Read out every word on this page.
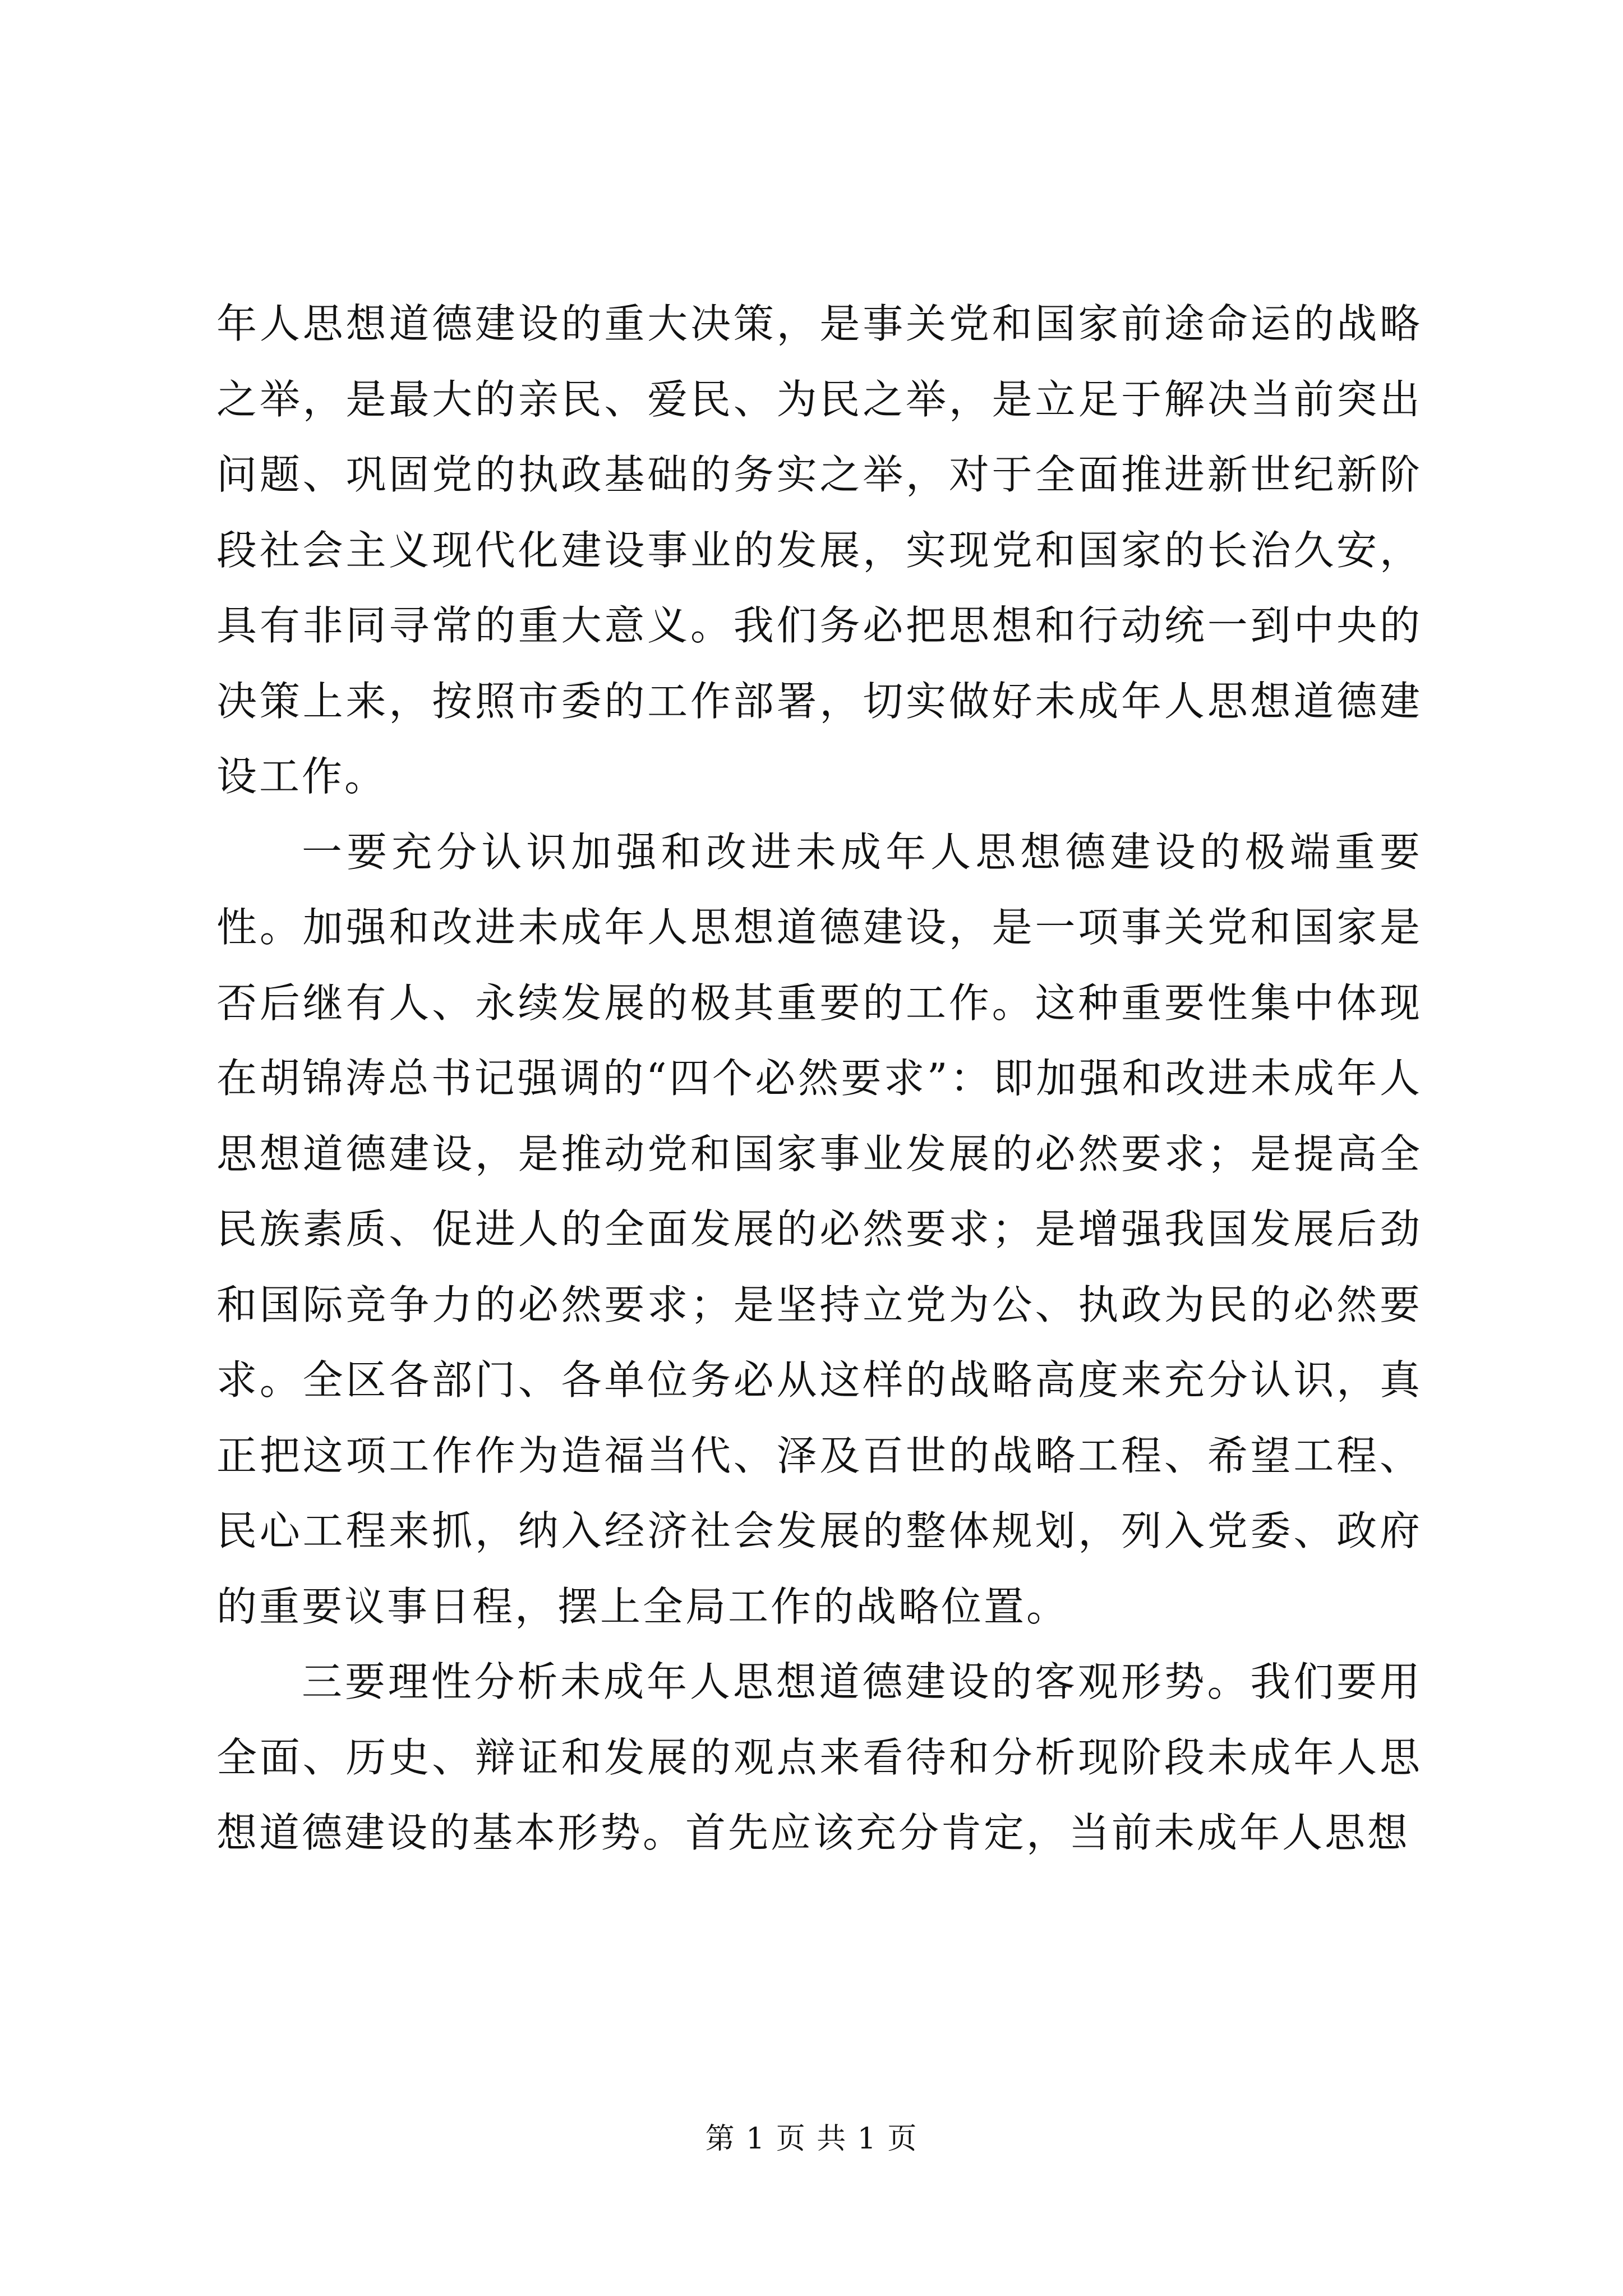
年人思想道德建设的重大决策，是事关党和国家前途命运的战略之举，是最大的亲民、爱民、为民之举，是立足于解决当前突出问题、巩固党的执政基础的务实之举，对于全面推进新世纪新阶段社会主义现代化建设事业的发展，实现党和国家的长治久安，具有非同寻常的重大意义。我们务必把思想和行动统一到中央的决策上来，按照市委的工作部署，切实做好未成年人思想道德建设工作。

一要充分认识加强和改进未成年人思想德建设的极端重要性。加强和改进未成年人思想道德建设，是一项事关党和国家是否后继有人、永续发展的极其重要的工作。这种重要性集中体现在胡锦涛总书记强调的“四个必然要求”：即加强和改进未成年人思想道德建设，是推动党和国家事业发展的必然要求；是提高全民族素质、促进人的全面发展的必然要求；是增强我国发展后劲和国际竞争力的必然要求；是坚持立党为公、执政为民的必然要求。全区各部门、各单位务必从这样的战略高度来充分认识，真正把这项工作作为造福当代、泽及百世的战略工程、希望工程、民心工程来抓，纳入经济社会发展的整体规划，列入党委、政府的重要议事日程，摆上全局工作的战略位置。

三要理性分析未成年人思想道德建设的客观形势。我们要用全面、历史、辩证和发展的观点来看待和分析现阶段未成年人思想道德建设的基本形势。首先应该充分肯定，当前未成年人思想

第 1 页 共 1 页
